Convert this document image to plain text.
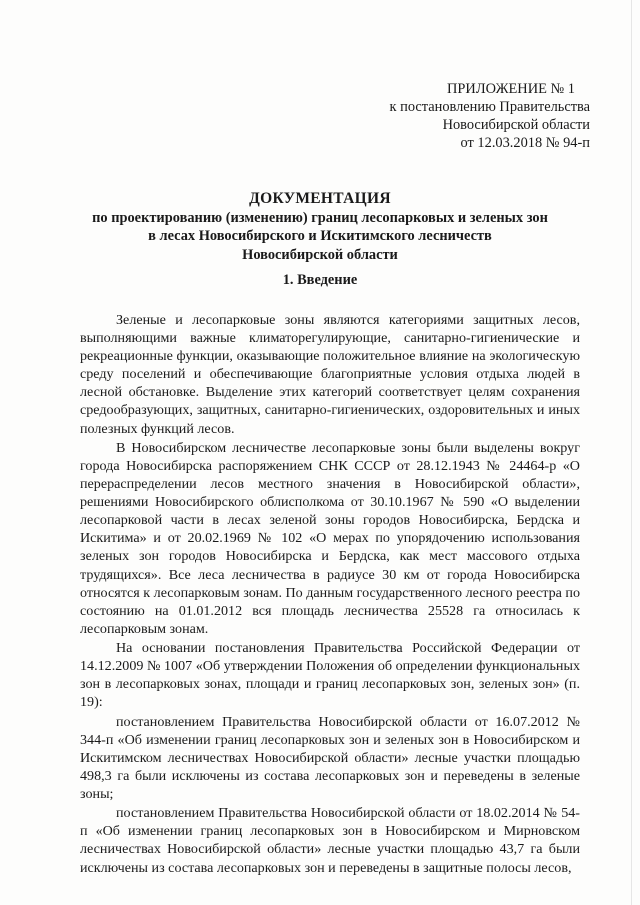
ПРИЛОЖЕНИЕ № 1
к постановлению Правительства
Новосибирской области
от 12.03.2018 № 94-п
ДОКУМЕНТАЦИЯ
по проектированию (изменению) границ лесопарковых и зеленых зон
в лесах Новосибирского и Искитимского лесничеств
Новосибирской области
1. Введение

Зеленые и лесопарковые зоны являются категориями защитных лесов, выполняющими важные климаторегулирующие, санитарно-гигиенические и рекреационные функции, оказывающие положительное влияние на экологическую среду поселений и обеспечивающие благоприятные условия отдыха людей в лесной обстановке. Выделение этих категорий соответствует целям сохранения средообразующих, защитных, санитарно-гигиенических, оздоровительных и иных полезных функций лесов.

В Новосибирском лесничестве лесопарковые зоны были выделены вокруг города Новосибирска распоряжением СНК СССР от 28.12.1943 № 24464-р «О перераспределении лесов местного значения в Новосибирской области», решениями Новосибирского облисполкома от 30.10.1967 № 590 «О выделении лесопарковой части в лесах зеленой зоны городов Новосибирска, Бердска и Искитима» и от 20.02.1969 № 102 «О мерах по упорядочению использования зеленых зон городов Новосибирска и Бердска, как мест массового отдыха трудящихся». Все леса лесничества в радиусе 30 км от города Новосибирска относятся к лесопарковым зонам. По данным государственного лесного реестра по состоянию на 01.01.2012 вся площадь лесничества 25528 га относилась к лесопарковым зонам.

На основании постановления Правительства Российской Федерации от 14.12.2009 № 1007 «Об утверждении Положения об определении функциональных зон в лесопарковых зонах, площади и границ лесопарковых зон, зеленых зон» (п. 19):

постановлением Правительства Новосибирской области от 16.07.2012 № 344-п «Об изменении границ лесопарковых зон и зеленых зон в Новосибирском и Искитимском лесничествах Новосибирской области» лесные участки площадью 498,3 га были исключены из состава лесопарковых зон и переведены в зеленые зоны;

постановлением Правительства Новосибирской области от 18.02.2014 № 54-п «Об изменении границ лесопарковых зон в Новосибирском и Мирновском лесничествах Новосибирской области» лесные участки площадью 43,7 га были исключены из состава лесопарковых зон и переведены в защитные полосы лесов,
